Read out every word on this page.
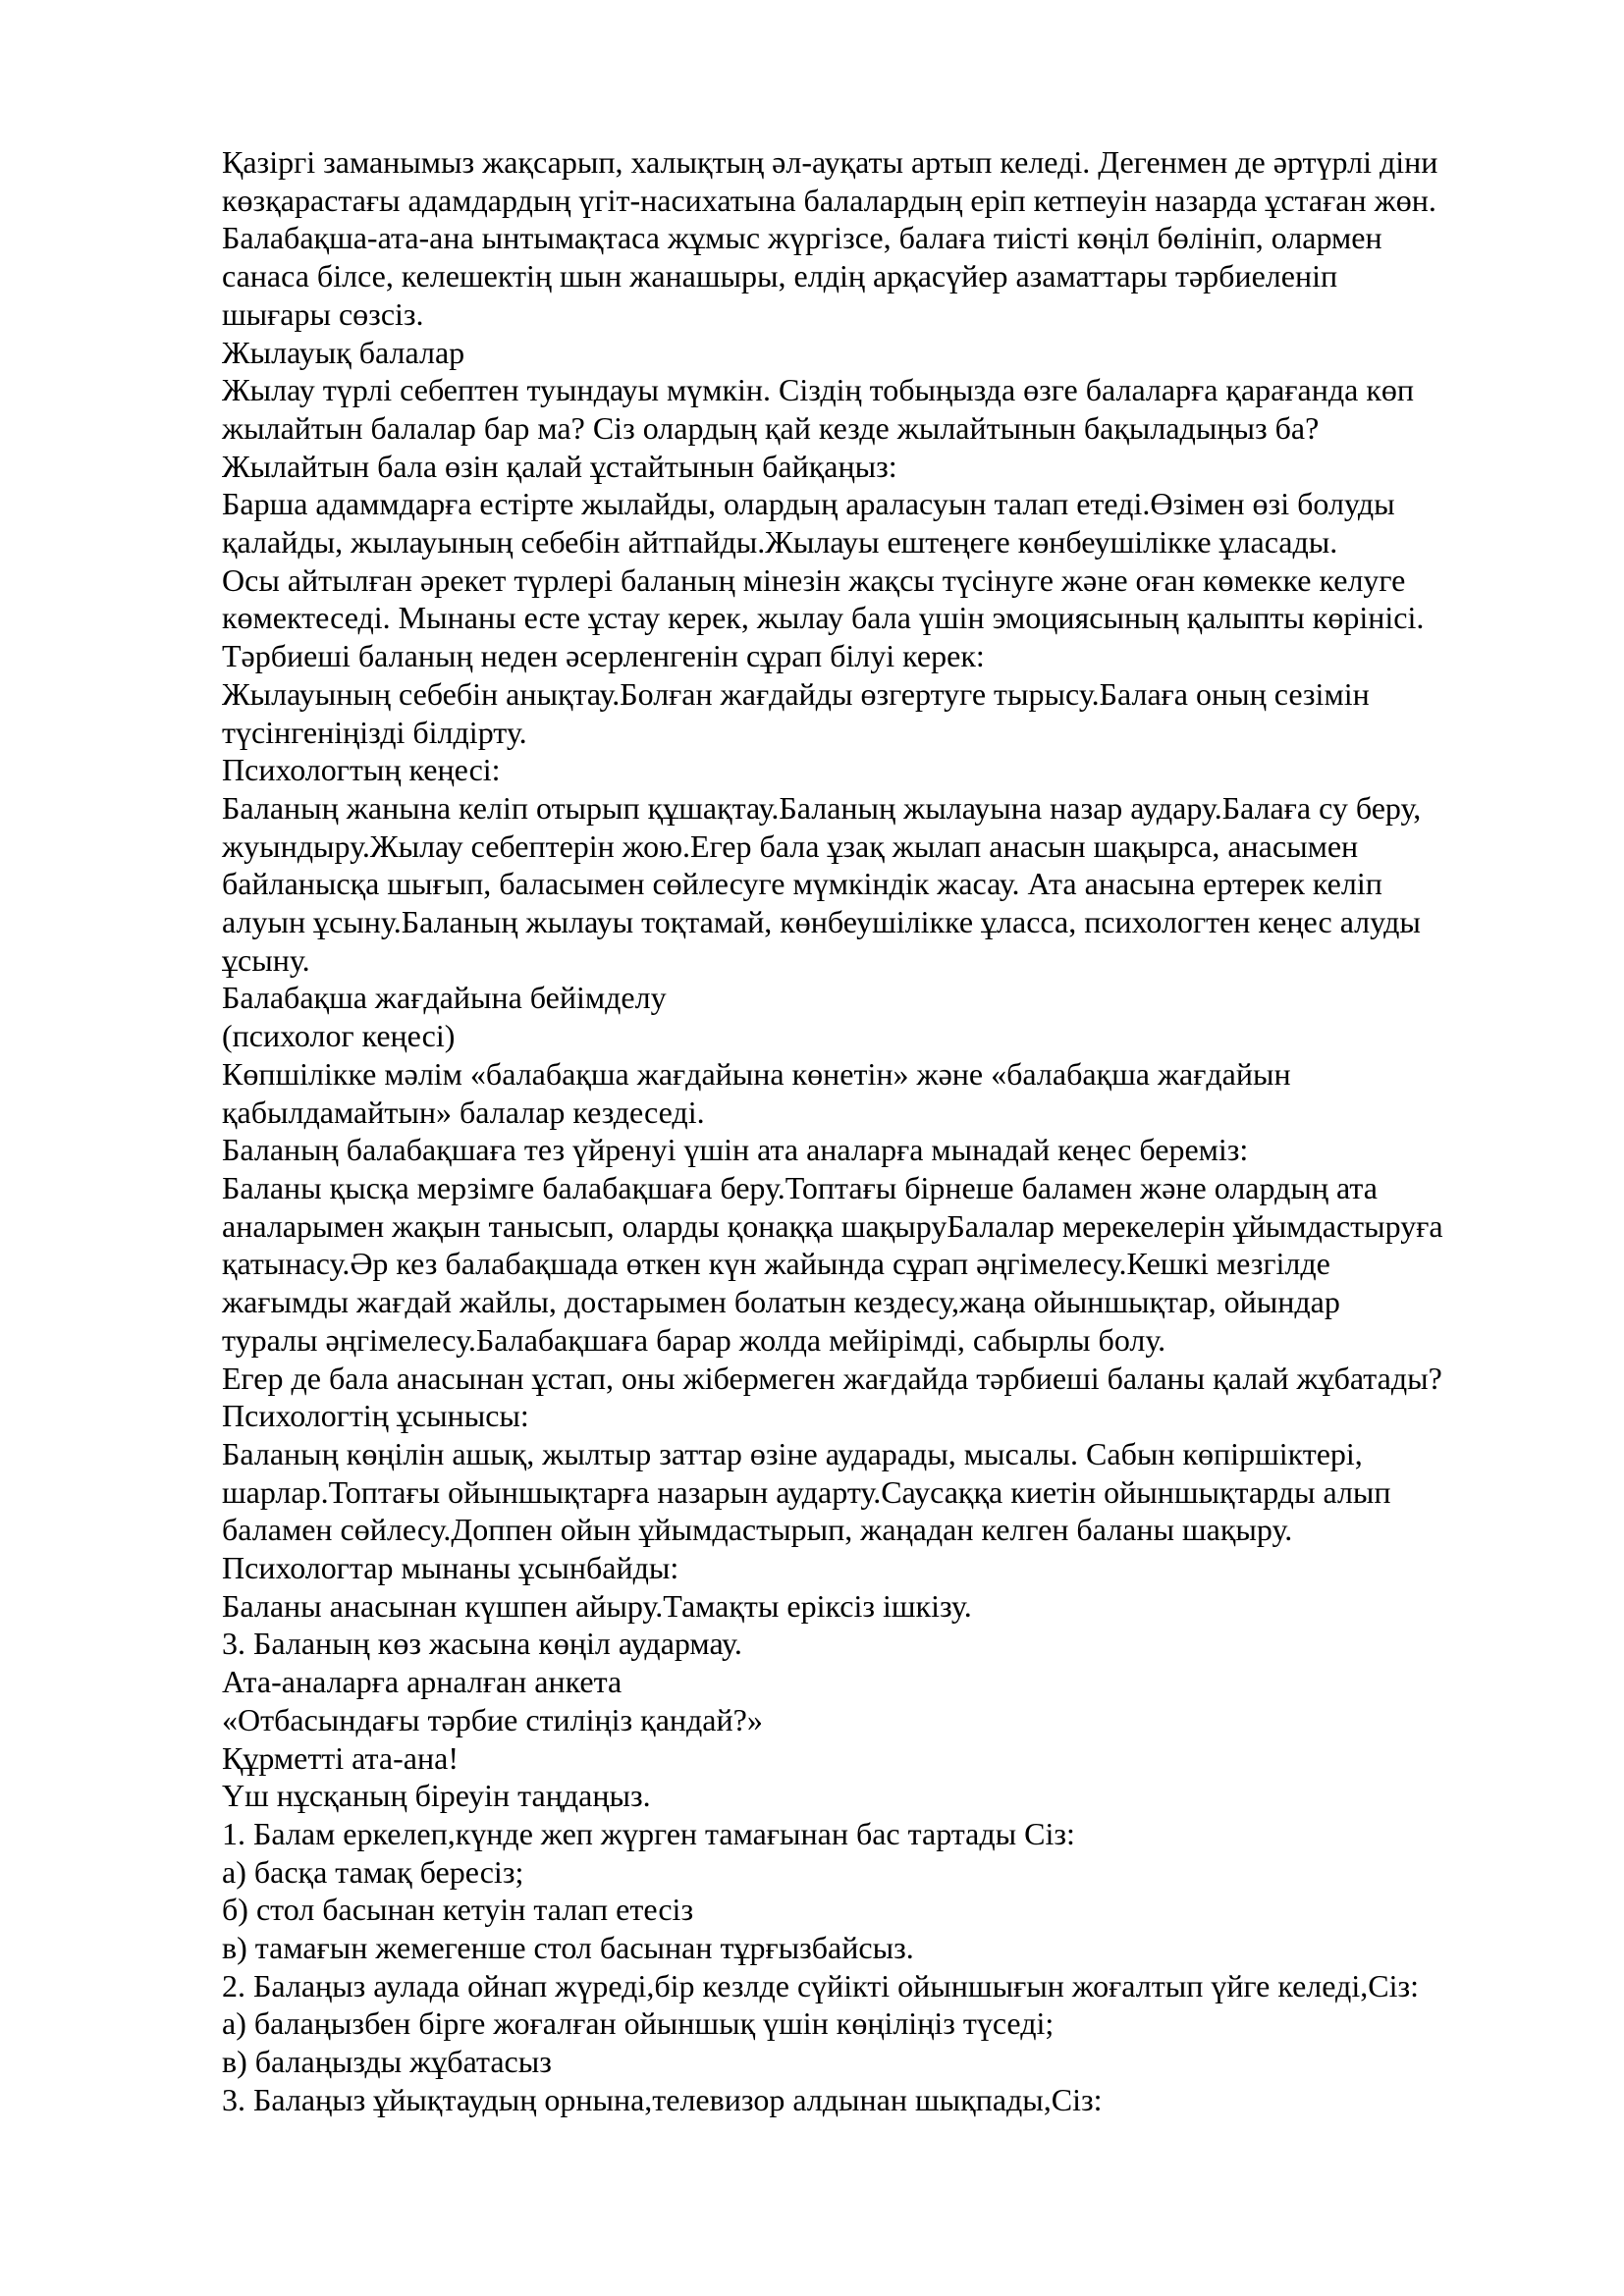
Қазіргі заманымыз жақсарып, халықтың әл-ауқаты артып келеді. Дегенмен де әртүрлі діни
көзқарастағы адамдардың үгіт-насихатына балалардың еріп кетпеуін назарда ұстаған жөн.
Балабақша-ата-ана ынтымақтаса жұмыс жүргізсе, балаға тиісті көңіл бөлініп, олармен
санаса білсе, келешектің шын жанашыры, елдің арқасүйер азаматтары тәрбиеленіп
шығары сөзсіз.
Жылауық балалар
Жылау түрлі себептен туындауы мүмкін. Сіздің тобыңызда өзге балаларға қарағанда көп
жылайтын балалар бар ма? Сіз олардың қай кезде жылайтынын бақыладыңыз ба?
Жылайтын бала өзін қалай ұстайтынын байқаңыз:
Барша адаммдарға естірте жылайды, олардың араласуын талап етеді.Өзімен өзі болуды
қалайды, жылауының себебін айтпайды.Жылауы ештеңеге көнбеушілікке ұласады.
Осы айтылған әрекет түрлері баланың мінезін жақсы түсінуге және оған көмекке келуге
көмектеседі. Мынаны есте ұстау керек, жылау бала үшін эмоциясының қалыпты көрінісі.
Тәрбиеші баланың неден әсерленгенін сұрап білуі керек:
Жылауының себебін анықтау.Болған жағдайды өзгертуге тырысу.Балаға оның сезімін
түсінгеніңізді білдірту.
Психологтың кеңесі:
Баланың жанына келіп отырып құшақтау.Баланың жылауына назар аудару.Балаға су беру,
жуындыру.Жылау себептерін жою.Егер бала ұзақ жылап анасын шақырса, анасымен
байланысқа шығып, баласымен сөйлесуге мүмкіндік жасау. Ата анасына ертерек келіп
алуын ұсыну.Баланың жылауы тоқтамай, көнбеушілікке ұласса, психологтен кеңес алуды
ұсыну.
Балабақша жағдайына бейімделу
(психолог кеңесі)
Көпшілікке мәлім «балабақша жағдайына көнетін» және «балабақша жағдайын
қабылдамайтын» балалар кездеседі.
Баланың балабақшаға тез үйренуі үшін ата аналарға мынадай кеңес береміз:
Баланы қысқа мерзімге балабақшаға беру.Топтағы бірнеше баламен және олардың ата
аналарымен жақын танысып, оларды қонаққа шақыруБалалар мерекелерін ұйымдастыруға
қатынасу.Әр кез балабақшада өткен күн жайында сұрап әңгімелесу.Кешкі мезгілде
жағымды жағдай жайлы, достарымен болатын кездесу,жаңа ойыншықтар, ойындар
туралы әңгімелесу.Балабақшаға барар жолда мейірімді, сабырлы болу.
Егер де бала анасынан ұстап, оны жібермеген жағдайда тәрбиеші баланы қалай жұбатады?
Психологтің ұсынысы:
Баланың көңілін ашық, жылтыр заттар өзіне аударады, мысалы. Сабын көпіршіктері,
шарлар.Топтағы ойыншықтарға назарын аударту.Саусаққа киетін ойыншықтарды алып
баламен сөйлесу.Доппен ойын ұйымдастырып, жаңадан келген баланы шақыру.
Психологтар мынаны ұсынбайды:
Баланы анасынан күшпен айыру.Тамақты еріксіз ішкізу.
3. Баланың көз жасына көңіл аудармау.
Ата-аналарға арналған анкета
«Отбасындағы тәрбие стиліңіз қандай?»
Құрметті ата-ана!
Үш нұсқаның біреуін таңдаңыз.
1. Балам еркелеп,күнде жеп жүрген тамағынан бас тартады Сіз:
а) басқа тамақ бересіз;
б) стол басынан кетуін талап етесіз
в) тамағын жемегенше стол басынан тұрғызбайсыз.
2. Балаңыз аулада ойнап жүреді,бір кезлде сүйікті ойыншығын жоғалтып үйге келеді,Сіз:
а) балаңызбен бірге жоғалған ойыншық үшін көңіліңіз түседі;
в) балаңызды жұбатасыз
3. Балаңыз ұйықтаудың орнына,телевизор алдынан шықпады,Сіз:
